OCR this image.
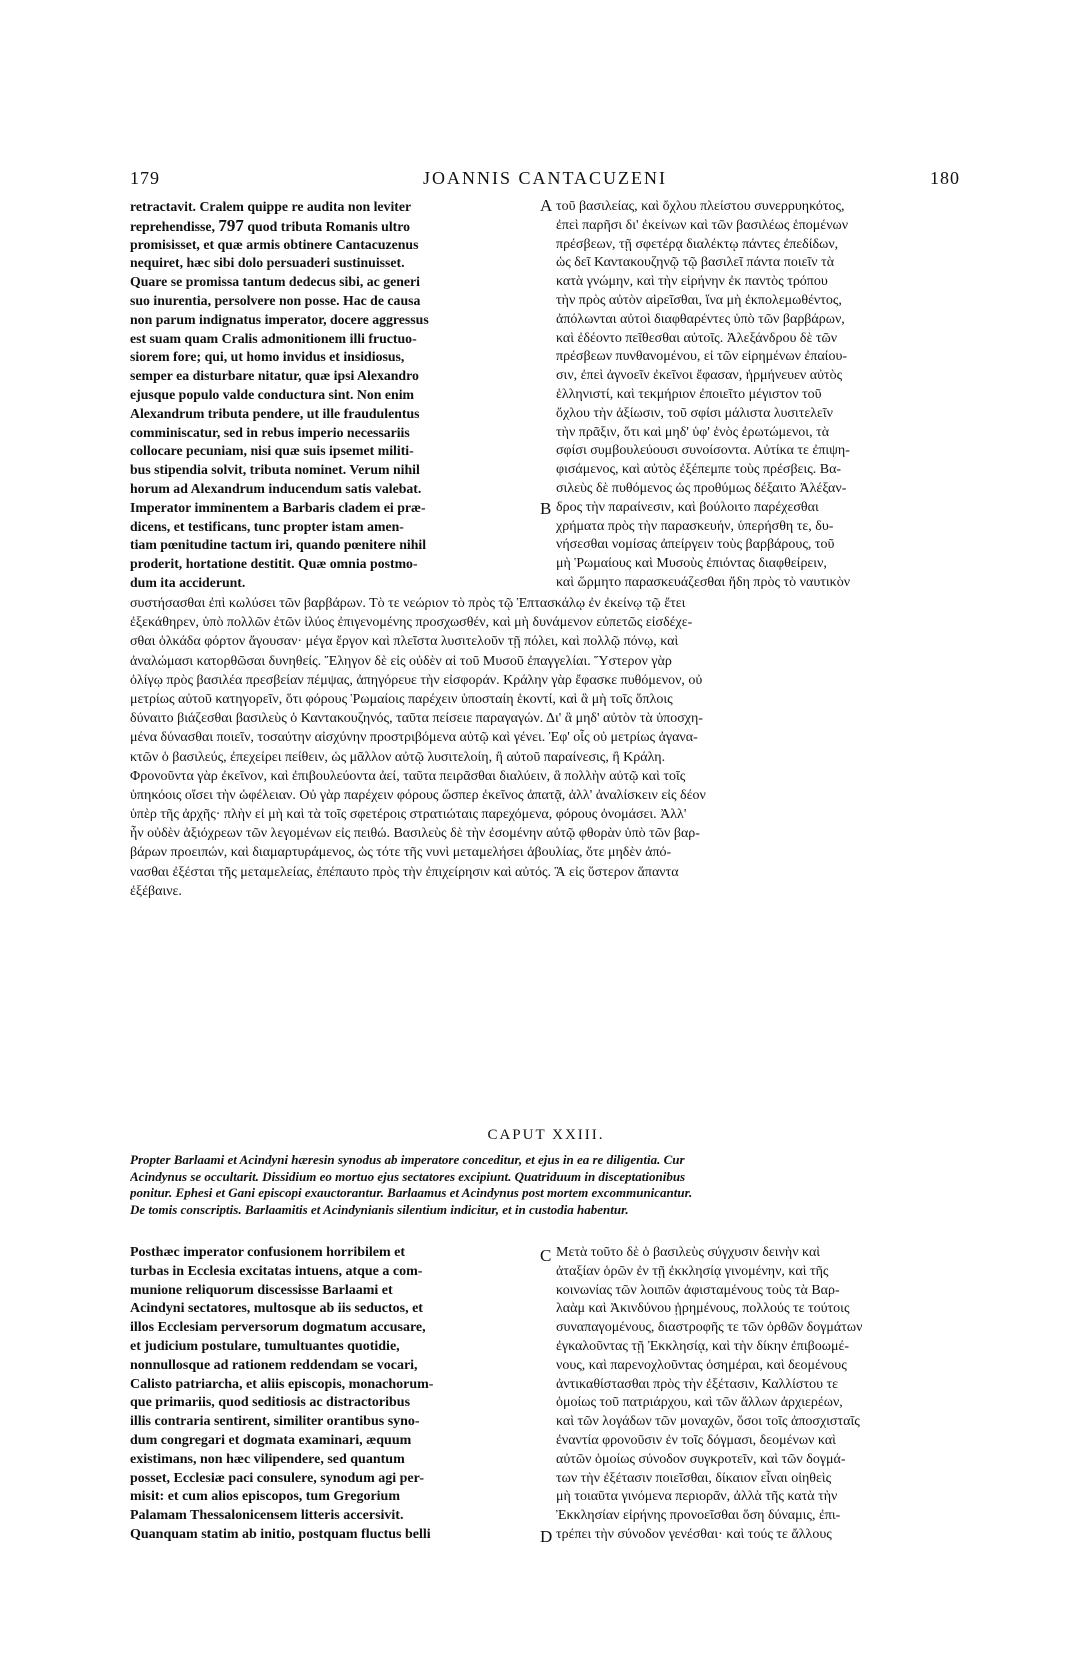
179	JOANNIS CANTACUZENI	180
retractavit. Cralem quippe re audita non leviter
reprehendisse, 797 quod tributa Romanis ultro
promisisset, et quæ armis obtinere Cantacuzenus
nequiret, hæc sibi dolo persuaderi sustinuisset.
Quare se promissa tantum dedecus sibi, ac generi
suo inurentia, persolvere non posse. Hac de causa
non parum indignatus imperator, docere aggressus
est suam quam Cralis admonitionem illi fructuo-
siorem fore; qui, ut homo invidus et insidiosus,
semper ea disturbare nitatur, quæ ipsi Alexandro
ejusque populo valde conductura sint. Non enim
Alexandrum tributa pendere, ut ille fraudulentus
comminiscatur, sed in rebus imperio necessariis
collocare pecuniam, nisi quæ suis ipsemet militi-
bus stipendia solvit, tributa nominet. Verum nihil
horum ad Alexandrum inducendum satis valebat.
Imperator imminentem a Barbaris cladem ei præ-
dicens, et testificans, tunc propter istam amen-
tiam pœnitudine tactum iri, quando pœnitere nihil
proderit, hortatione destitit. Quæ omnia postmo-
dum ita acciderunt.
τοῦ βασιλείας, καὶ ὄχλου πλείστου συνερρυηκότος,
ἐπεὶ παρῆσι δι' ἐκείνων καὶ τῶν βασιλέως ἑπομένων
πρέσβεων, τῇ σφετέρᾳ διαλέκτῳ πάντες ἐπεδίδων,
ὡς δεῖ Καντακουζηνῷ τῷ βασιλεῖ πάντα ποιεῖν τὰ
κατὰ γνώμην, καὶ τὴν εἰρήνην ἐκ παντὸς τρόπου
τὴν πρὸς αὐτὸν αἱρεῖσθαι, ἵνα μὴ ἐκπολεμωθέντος,
ἀπόλωνται αὐτοὶ διαφθαρέντες ὑπὸ τῶν βαρβάρων,
καὶ ἐδέοντο πεῖθεσθαι αὐτοῖς. Ἀλεξάνδρου δὲ τῶν
πρέσβεων πυνθανομένου, εἰ τῶν εἰρημένων ἐπαίου-
σιν, ἐπεὶ ἀγνοεῖν ἐκεῖνοι ἔφασαν, ἡρμήνευεν αὐτὸς
ἑλληνιστί, καὶ τεκμήριον ἐποιεῖτο μέγιστον τοῦ
ὄχλου τὴν ἀξίωσιν, τοῦ σφίσι μάλιστα λυσιτελεῖν
τὴν πρᾶξιν, ὅτι καὶ μηδ' ὑφ' ἑνὸς ἐρωτώμενοι, τὰ
σφίσι συμβουλεύουσι συνοίσοντα. Αὐτίκα τε ἐπιψη-
φισάμενος, καὶ αὐτὸς ἐξέπεμπε τοὺς πρέσβεις. Βα-
σιλεὺς δὲ πυθόμενος ὡς προθύμως δέξαιτο Ἀλέξαν-
δρος τὴν παραίνεσιν, καὶ βούλοιτο παρέχεσθαι
χρήματα πρὸς τὴν παρασκευήν, ὑπερήσθη τε, δυ-
νήσεσθαι νομίσας ἀπείργειν τοὺς βαρβάρους, τοῦ
μὴ Ῥωμαίους καὶ Μυσοὺς ἐπιόντας διαφθείρειν,
καὶ ὥρμητο παρασκευάζεσθαι ἤδη πρὸς τὸ ναυτικὸν
A
B
συστήσασθαι ἐπὶ κωλύσει τῶν βαρβάρων. Τὸ τε νεώριον τὸ πρὸς τῷ Ἑπτασκάλῳ ἐν ἐκείνῳ τῷ ἔτει
ἐξεκάθηρεν, ὑπὸ πολλῶν ἐτῶν ἰλύος ἐπιγενομένης προσχωσθέν, καὶ μὴ δυνάμενον εὐπετῶς εἰσδέχε-
σθαι ὁλκάδα φόρτον ἄγουσαν· μέγα ἔργον καὶ πλεῖστα λυσιτελοῦν τῇ πόλει, καὶ πολλῷ πόνῳ, καὶ
ἀναλώμασι κατορθῶσαι δυνηθείς. Ἔληγον δὲ εἰς οὐδὲν αἱ τοῦ Μυσοῦ ἐπαγγελίαι. Ὕστερον γὰρ
ὀλίγῳ πρὸς βασιλέα πρεσβείαν πέμψας, ἀπηγόρευε τὴν εἰσφοράν. Κράλην γὰρ ἔφασκε πυθόμενον, οὐ
μετρίως αὐτοῦ κατηγορεῖν, ὅτι φόρους Ῥωμαίοις παρέχειν ὑποσταίη ἑκοντί, καὶ ἃ μὴ τοῖς ὅπλοις
δύναιτο βιάζεσθαι βασιλεὺς ὁ Καντακουζηνός, ταῦτα πείσειε παραγαγών. Δι' ἃ μηδ' αὐτὸν τὰ ὑποσχη-
μένα δύνασθαι ποιεῖν, τοσαύτην αἰσχύνην προστριβόμενα αὐτῷ καὶ γένει. Ἐφ' οἷς οὐ μετρίως ἀγανα-
κτῶν ὁ βασιλεύς, ἐπεχείρει πείθειν, ὡς μᾶλλον αὐτῷ λυσιτελοίη, ἢ αὐτοῦ παραίνεσις, ἢ Κράλη.
Φρονοῦντα γὰρ ἐκεῖνον, καὶ ἐπιβουλεύοντα ἀεί, ταῦτα πειρᾶσθαι διαλύειν, ἃ πολλὴν αὐτῷ καὶ τοῖς
ὑπηκόοις οἴσει τὴν ὠφέλειαν. Οὐ γὰρ παρέχειν φόρους ὥσπερ ἐκεῖνος ἀπατᾷ, ἀλλ' ἀναλίσκειν εἰς δέον
ὑπὲρ τῆς ἀρχῆς· πλὴν εἰ μὴ καὶ τὰ τοῖς σφετέροις στρατιώταις παρεχόμενα, φόρους ὀνομάσει. Ἀλλ'
ἦν οὐδὲν ἀξιόχρεων τῶν λεγομένων εἰς πειθώ. Βασιλεὺς δὲ τὴν ἐσομένην αὐτῷ φθορὰν ὑπὸ τῶν βαρ-
βάρων προειπών, καὶ διαμαρτυράμενος, ὡς τότε τῆς νυνὶ μεταμελήσει ἀβουλίας, ὅτε μηδὲν ἀπό-
νασθαι ἐξέσται τῆς μεταμελείας, ἐπέπαυτο πρὸς τὴν ἐπιχείρησιν καὶ αὐτός. Ἃ εἰς ὕστερον ἅπαντα
ἐξέβαινε.
CAPUT XXIII.
Propter Barlaami et Acindyni hæresin synodus ab imperatore conceditur, et ejus in ea re diligentia. Cur
Acindynus se occultarit. Dissidium eo mortuo ejus sectatores excipiunt. Quatriduum in disceptationibus
ponitur. Ephesi et Gani episcopi exauctorantur. Barlaamus et Acindynus post mortem excommunicantur.
De tomis conscriptis. Barlaamitis et Acindynianis silentium indicitur, et in custodia habentur.
Posthæc imperator confusionem horribilem et
turbas in Ecclesia excitatas intuens, atque a com-
munione reliquorum discessisse Barlaami et
Acindyni sectatores, multosque ab iis seductos, et
illos Ecclesiam perversorum dogmatum accusare,
et judicium postulare, tumultuantes quotidie,
nonnullosque ad rationem reddendam se vocari,
Calisto patriarcha, et aliis episcopis, monachorum-
que primariis, quod seditiosis ac distractoribus
illis contraria sentirent, similiter orantibus syno-
dum congregari et dogmata examinari, æquum
existimans, non hæc vilipendere, sed quantum
posset, Ecclesiæ paci consulere, synodum agi per-
misit: et cum alios episcopos, tum Gregorium
Palamam Thessalonicensem litteris accersivit.
Quanquam statim ab initio, postquam fluctus belli
Μετὰ τοῦτο δὲ ὁ βασιλεὺς σύγχυσιν δεινὴν καὶ
ἀταξίαν ὁρῶν ἐν τῇ ἐκκλησίᾳ γινομένην, καὶ τῆς
κοινωνίας τῶν λοιπῶν ἀφισταμένους τοὺς τὰ Βαρ-
λαὰμ καὶ Ἀκινδύνου ᾑρημένους, πολλούς τε τούτοις
συναπαγομένους, διαστροφῆς τε τῶν ὀρθῶν δογμάτων
ἐγκαλοῦντας τῇ Ἐκκλησίᾳ, καὶ τὴν δίκην ἐπιβοωμέ-
νους, καὶ παρενοχλοῦντας ὁσημέραι, καὶ δεομένους
ἀντικαθίστασθαι πρὸς τὴν ἐξέτασιν, Καλλίστου τε
ὁμοίως τοῦ πατριάρχου, καὶ τῶν ἄλλων ἀρχιερέων,
καὶ τῶν λογάδων τῶν μοναχῶν, ὅσοι τοῖς ἀποσχισταῖς
ἐναντία φρονοῦσιν ἐν τοῖς δόγμασι, δεομένων καὶ
αὐτῶν ὁμοίως σύνοδον συγκροτεῖν, καὶ τῶν δογμά-
των τὴν ἐξέτασιν ποιεῖσθαι, δίκαιον εἶναι οἰηθεὶς
μὴ τοιαῦτα γινόμενα περιορᾶν, ἀλλὰ τῆς κατὰ τὴν
Ἐκκλησίαν εἰρήνης προνοεῖσθαι ὅση δύναμις, ἐπι-
τρέπει τὴν σύνοδον γενέσθαι· καὶ τούς τε ἄλλους
C
D
